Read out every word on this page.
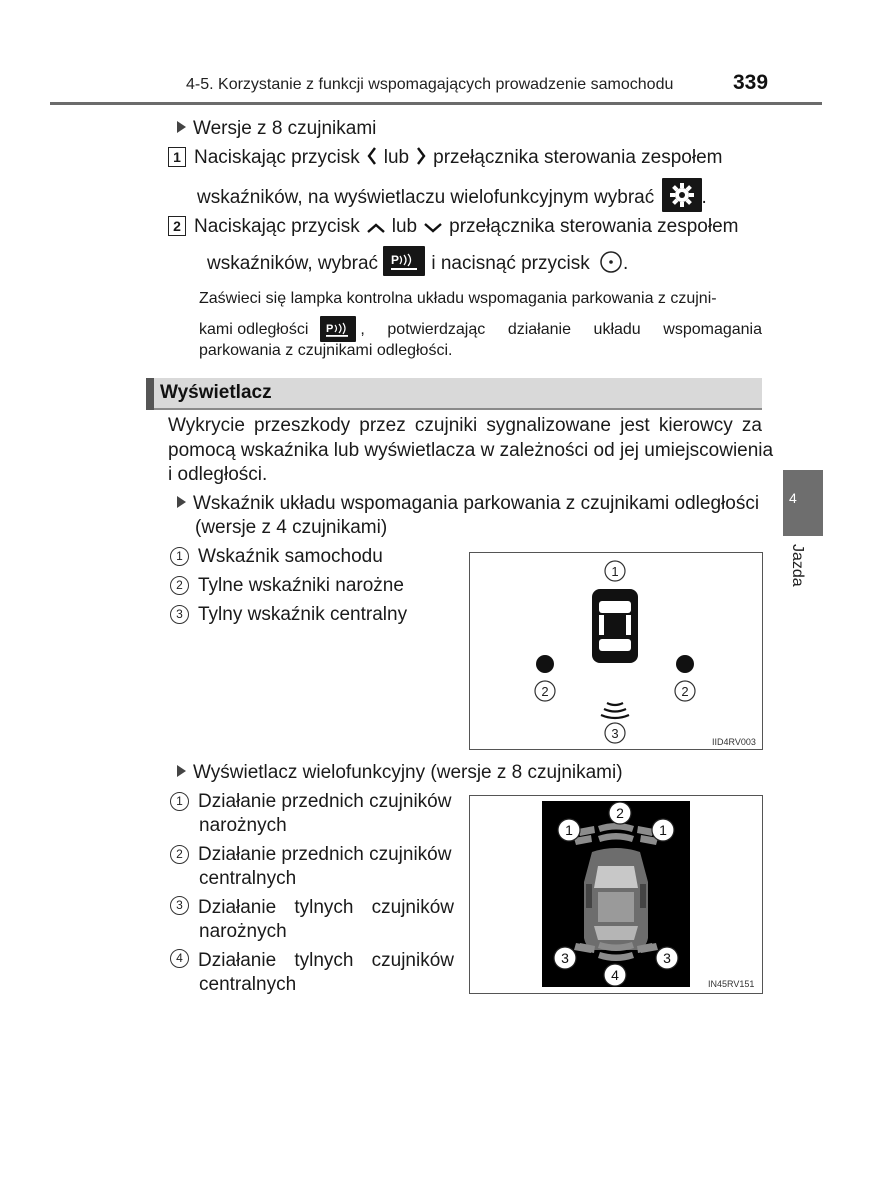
4-5. Korzystanie z funkcji wspomagających prowadzenie samochodu	339
Wersje z 8 czujnikami
1 Naciskając przycisk lub przełącznika sterowania zespołem
wskaźników, na wyświetlaczu wielofunkcyjnym wybrać .
2 Naciskając przycisk lub przełącznika sterowania zespołem
wskaźników, wybrać P i nacisnąć przycisk .
Zaświeci się lampka kontrolna układu wspomagania parkowania z czujni-
kami odległości P , potwierdzając działanie układu wspomagania
parkowania z czujnikami odległości.
Wyświetlacz
Wykrycie przeszkody przez czujniki sygnalizowane jest kierowcy za
pomocą wskaźnika lub wyświetlacza w zależności od jej umiejscowienia
i odległości.
4
Jazda
Wskaźnik układu wspomagania parkowania z czujnikami odległości
(wersje z 4 czujnikami)
1 Wskaźnik samochodu
2 Tylne wskaźniki narożne
3 Tylny wskaźnik centralny
1
2	2
3
IID4RV003
Wyświetlacz wielofunkcyjny (wersje z 8 czujnikami)
1 Działanie przednich czujników
narożnych
2 Działanie przednich czujników
centralnych
3 Działanie tylnych czujników
narożnych
4 Działanie tylnych czujników
centralnych
2
1	1
3	3
4
IN45RV151
